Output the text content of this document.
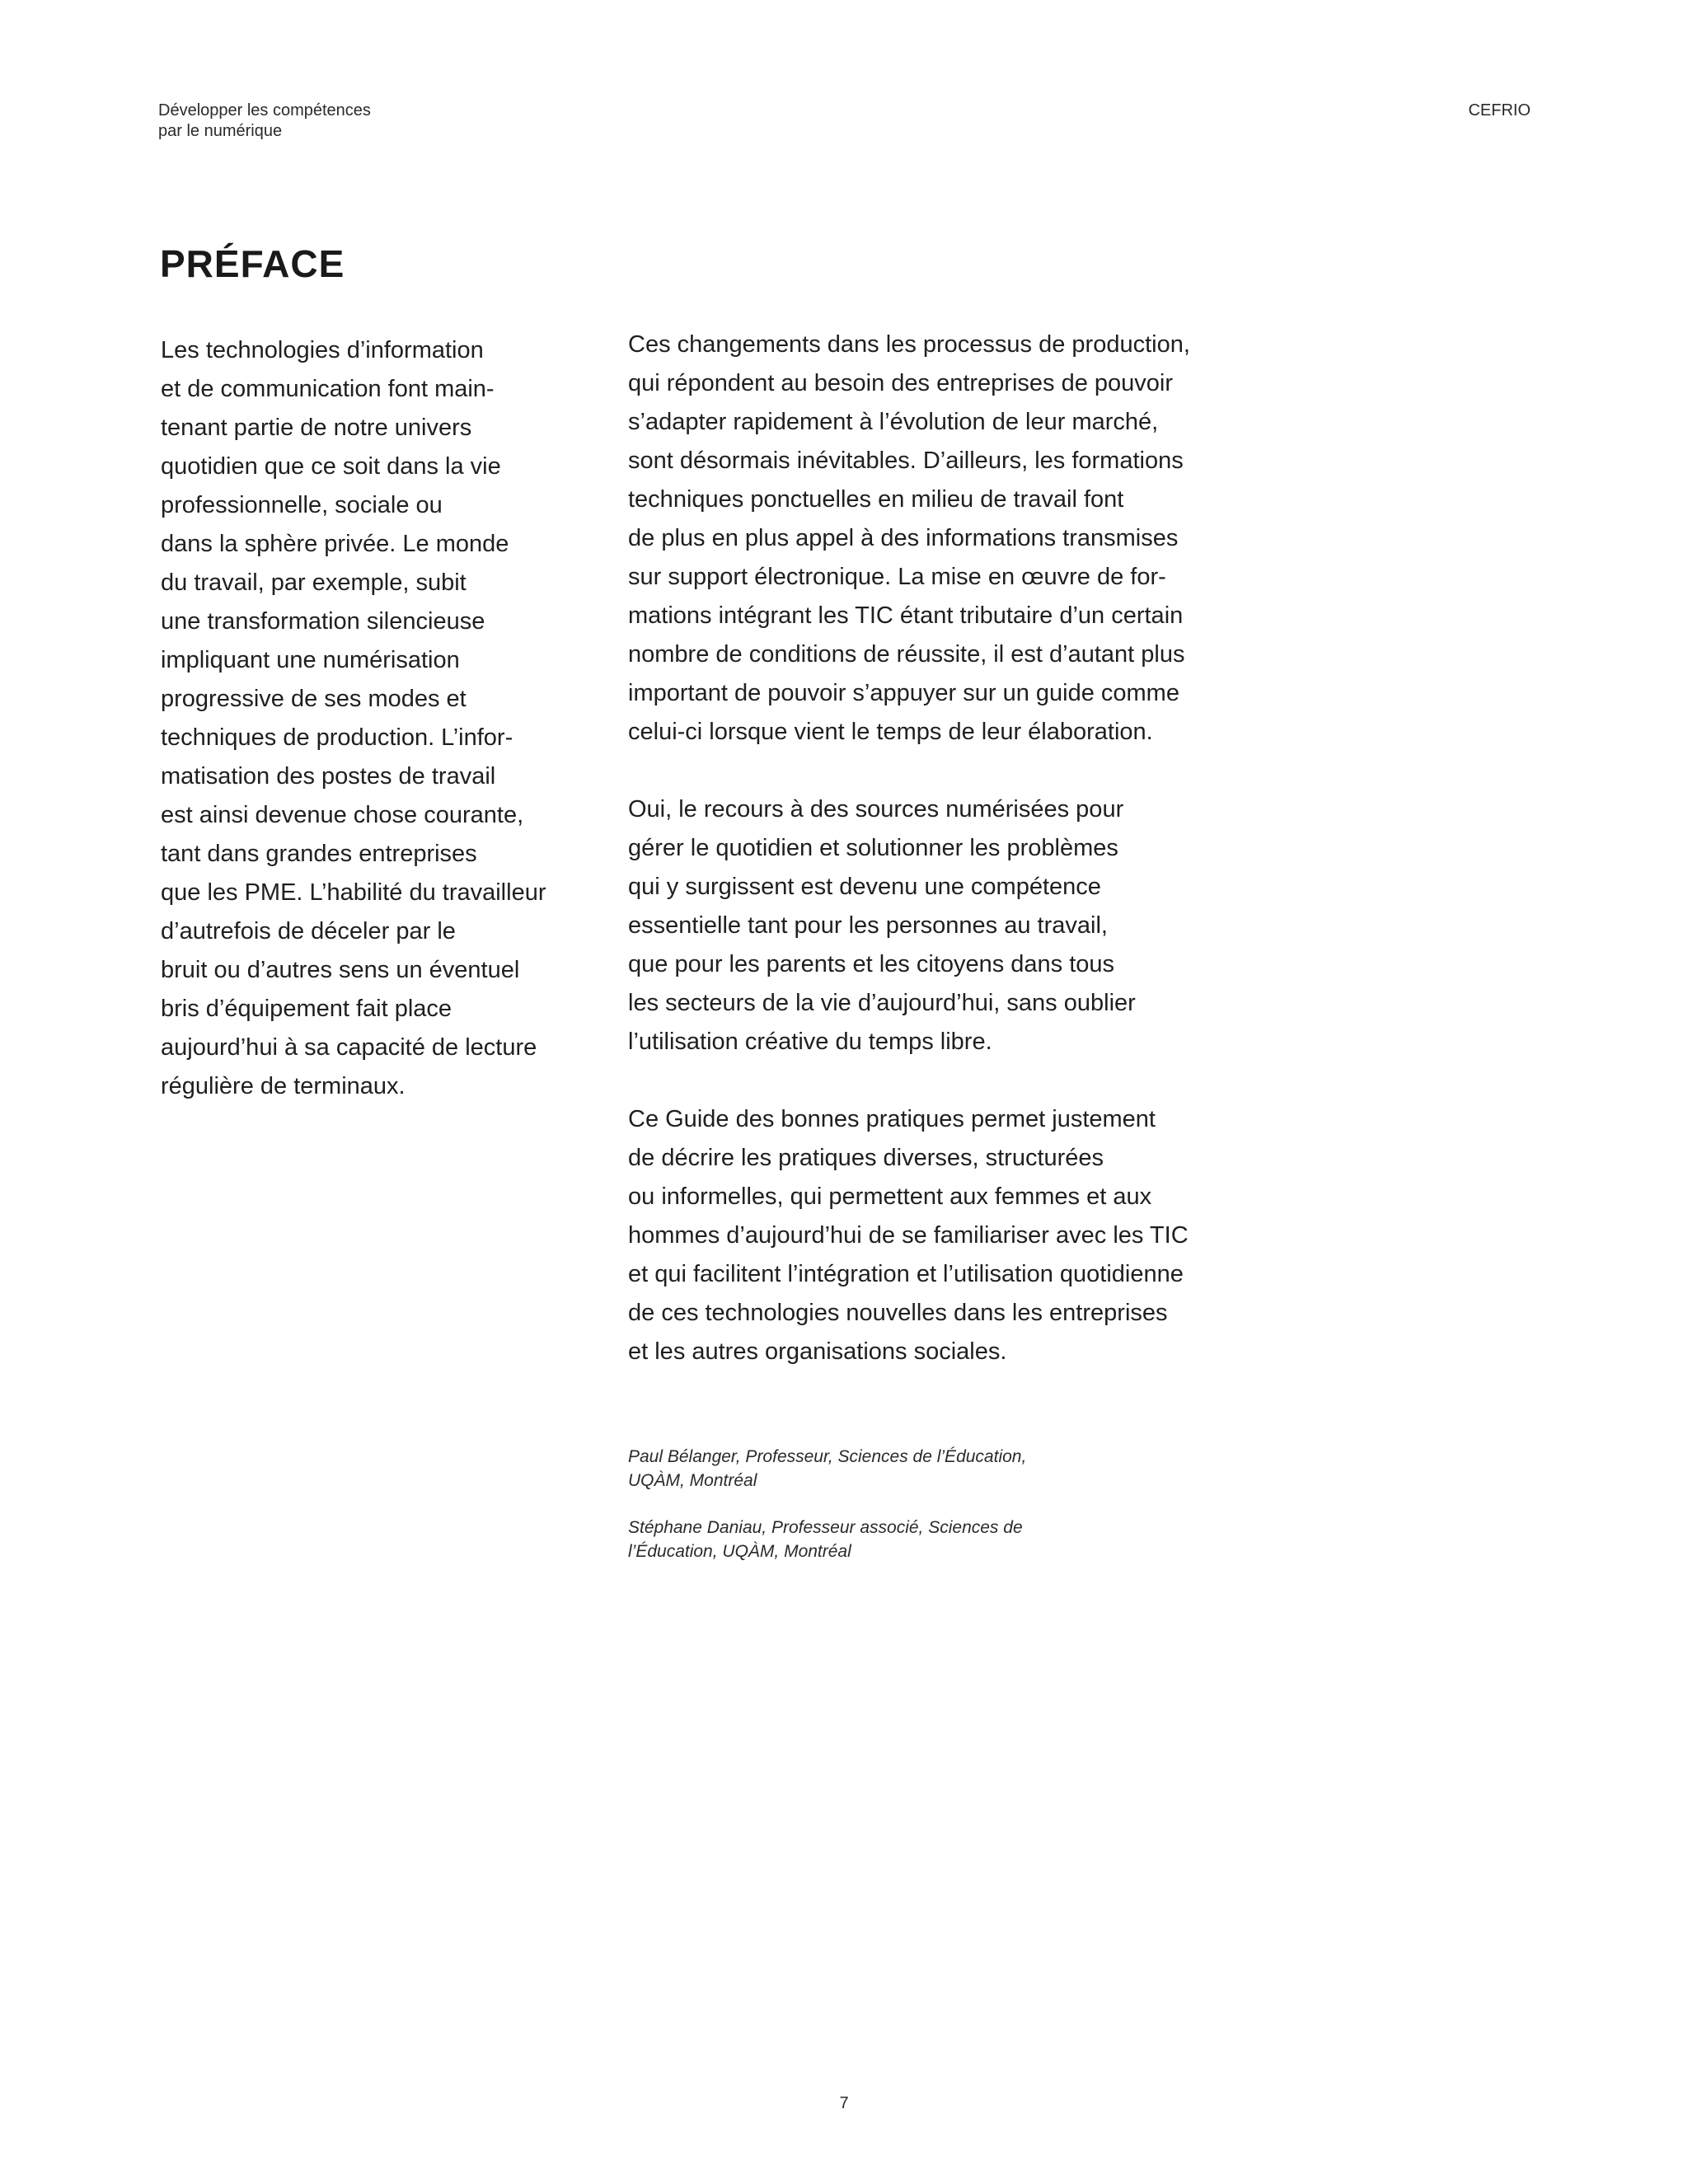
Développer les compétences
par le numérique
CEFRIO
PRÉFACE
Les technologies d’information
et de communication font main-
tenant partie de notre univers
quotidien que ce soit dans la vie
professionnelle, sociale ou
dans la sphère privée. Le monde
du travail, par exemple, subit
une transformation silencieuse
impliquant une numérisation
progressive de ses modes et
techniques de production. L’infor-
matisation des postes de travail
est ainsi devenue chose courante,
tant dans grandes entreprises
que les PME. L’habilité du travailleur
d’autrefois de déceler par le
bruit ou d’autres sens un éventuel
bris d’équipement fait place
aujourd’hui à sa capacité de lecture
régulière de terminaux.
Ces changements dans les processus de production,
qui répondent au besoin des entreprises de pouvoir
s’adapter rapidement à l’évolution de leur marché,
sont désormais inévitables. D’ailleurs, les formations
techniques ponctuelles en milieu de travail font
de plus en plus appel à des informations transmises
sur support électronique. La mise en œuvre de for-
mations intégrant les TIC étant tributaire d’un certain
nombre de conditions de réussite, il est d’autant plus
important de pouvoir s’appuyer sur un guide comme
celui-ci lorsque vient le temps de leur élaboration.
Oui, le recours à des sources numérisées pour
gérer le quotidien et solutionner les problèmes
qui y surgissent est devenu une compétence
essentielle tant pour les personnes au travail,
que pour les parents et les citoyens dans tous
les secteurs de la vie d’aujourd’hui, sans oublier
l’utilisation créative du temps libre.
Ce Guide des bonnes pratiques permet justement
de décrire les pratiques diverses, structurées
ou informelles, qui permettent aux femmes et aux
hommes d’aujourd’hui de se familiariser avec les TIC
et qui facilitent l’intégration et l’utilisation quotidienne
de ces technologies nouvelles dans les entreprises
et les autres organisations sociales.
Paul Bélanger, Professeur, Sciences de l’Éducation,
UQÀM, Montréal
Stéphane Daniau, Professeur associé, Sciences de
l’Éducation, UQÀM, Montréal
7
